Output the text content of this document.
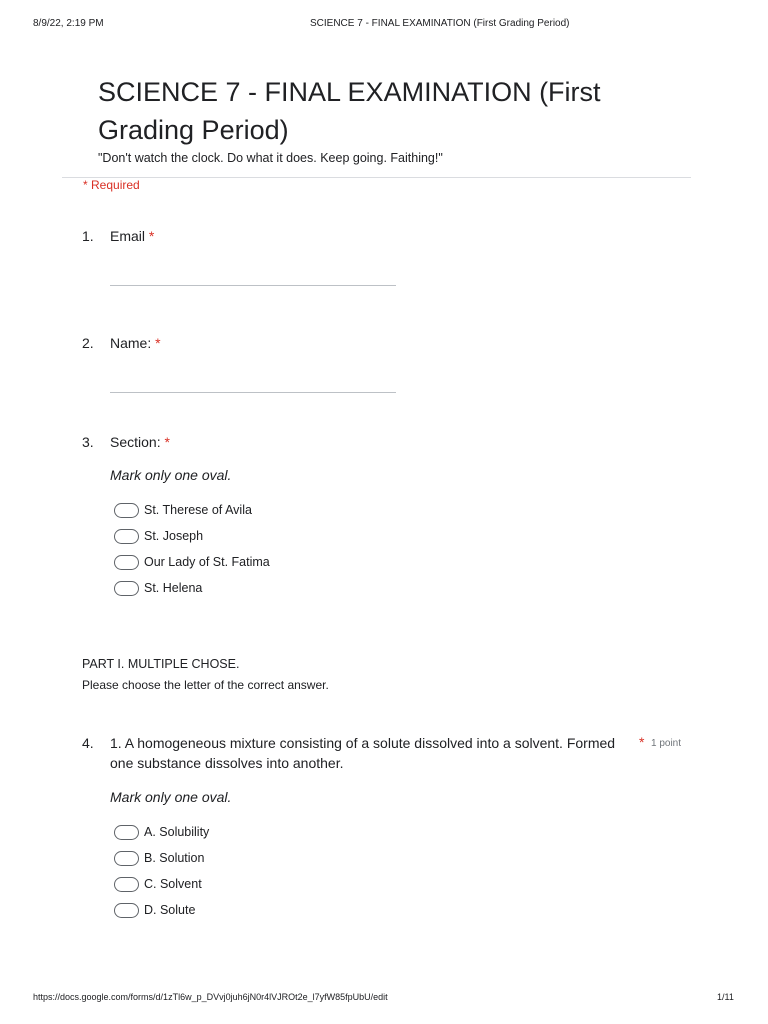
8/9/22, 2:19 PM	SCIENCE 7 - FINAL EXAMINATION (First Grading Period)
SCIENCE 7 - FINAL EXAMINATION (First Grading Period)
"Don't watch the clock. Do what it does. Keep going. Faithing!"
* Required
1. Email *
2. Name: *
3. Section: *
Mark only one oval.
St. Therese of Avila
St. Joseph
Our Lady of St. Fatima
St. Helena
PART I. MULTIPLE CHOSE.
Please choose the letter of the correct answer.
4. 1. A homogeneous mixture consisting of a solute dissolved into a solvent. Formed one substance dissolves into another.
* 1 point
Mark only one oval.
A. Solubility
B. Solution
C. Solvent
D. Solute
https://docs.google.com/forms/d/1zTl6w_p_DVvj0juh6jN0r4lVJROt2e_l7yfW85fpUbU/edit	1/11
